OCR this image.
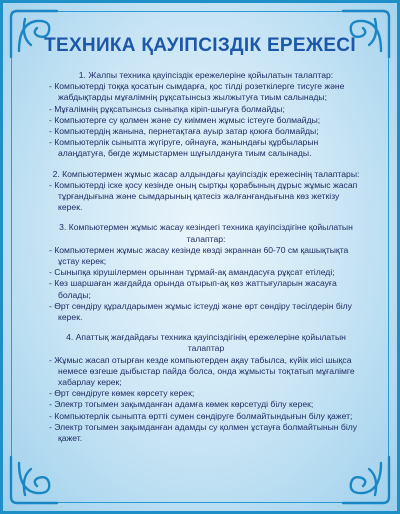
ТЕХНИКА ҚАУІПСІЗДІК ЕРЕЖЕСІ
1. Жалпы техника қауіпсіздік ережелеріне қойылатын талаптар:
- Компьютерді тоққа қосатын сымдарға, қос тілді розеткілерге тисуге және жабдықтарды мұғалімнің рұқсатынсыз жылжытуға тиым салынады;
- Мұғалімнің рұқсатынсыз сыныпқа кіріп-шығуға болмайды;
- Компьютерге су қолмен және су киіммен жұмыс істеуге болмайды;
- Компьютердің жанына, пернетақтаға ауыр затар қоюға болмайды;
- Компьютерлік сыныпта жүгіруге, ойнауға, жанындағы құрбыларын алаңдатуға, бөгде жұмыстармен шұғылдануға тиым салынады.
2. Компьютермен жұмыс жасар алдындағы қауіпсіздік ережесінің талаптары:
- Компьютерді іске қосу кезінде оның сыртқы қорабының дұрыс жұмыс жасап тұрғандығына және сымдарының қатесіз жалғанғандығына көз жеткізу керек.
3. Компьютермен жұмыс жасау кезіндегі техника қауіпсіздігіне қойылатын талаптар:
- Компьютермен жұмыс жасау кезінде көзді экраннан 60-70 см қашықтықта ұстау керек;
- Сыныпқа кірушілермен орыннан тұрмай-ақ амандасуға рұқсат етіледі;
- Көз шаршаған жағдайда орында отырып-ақ көз жаттығуларын жасауға болады;
- Өрт сөндіру құралдарымен жұмыс істеуді және өрт сөндіру тәсілдерін білу керек.
4. Апаттық жағдайдағы техника қауіпсіздігінің ережелеріне қойылатын талаптар
- Жұмыс жасап отырған кезде компьютерден ақау табылса, күйік иісі шықса немесе өзгеше дыбыстар пайда болса, онда жұмысты тоқтатып мұғалімге хабарлау керек;
- Өрт сөндіруге көмек көрсету керек;
- Электр тогымен зақымданған адамға көмек көрсетуді білу керек;
- Компьютерлік сыныпта өртті сумен сөндіруге болмайтындығын білу қажет;
- Электр тогымен зақымданған адамды су қолмен ұстауға болмайтынын білу қажет.
